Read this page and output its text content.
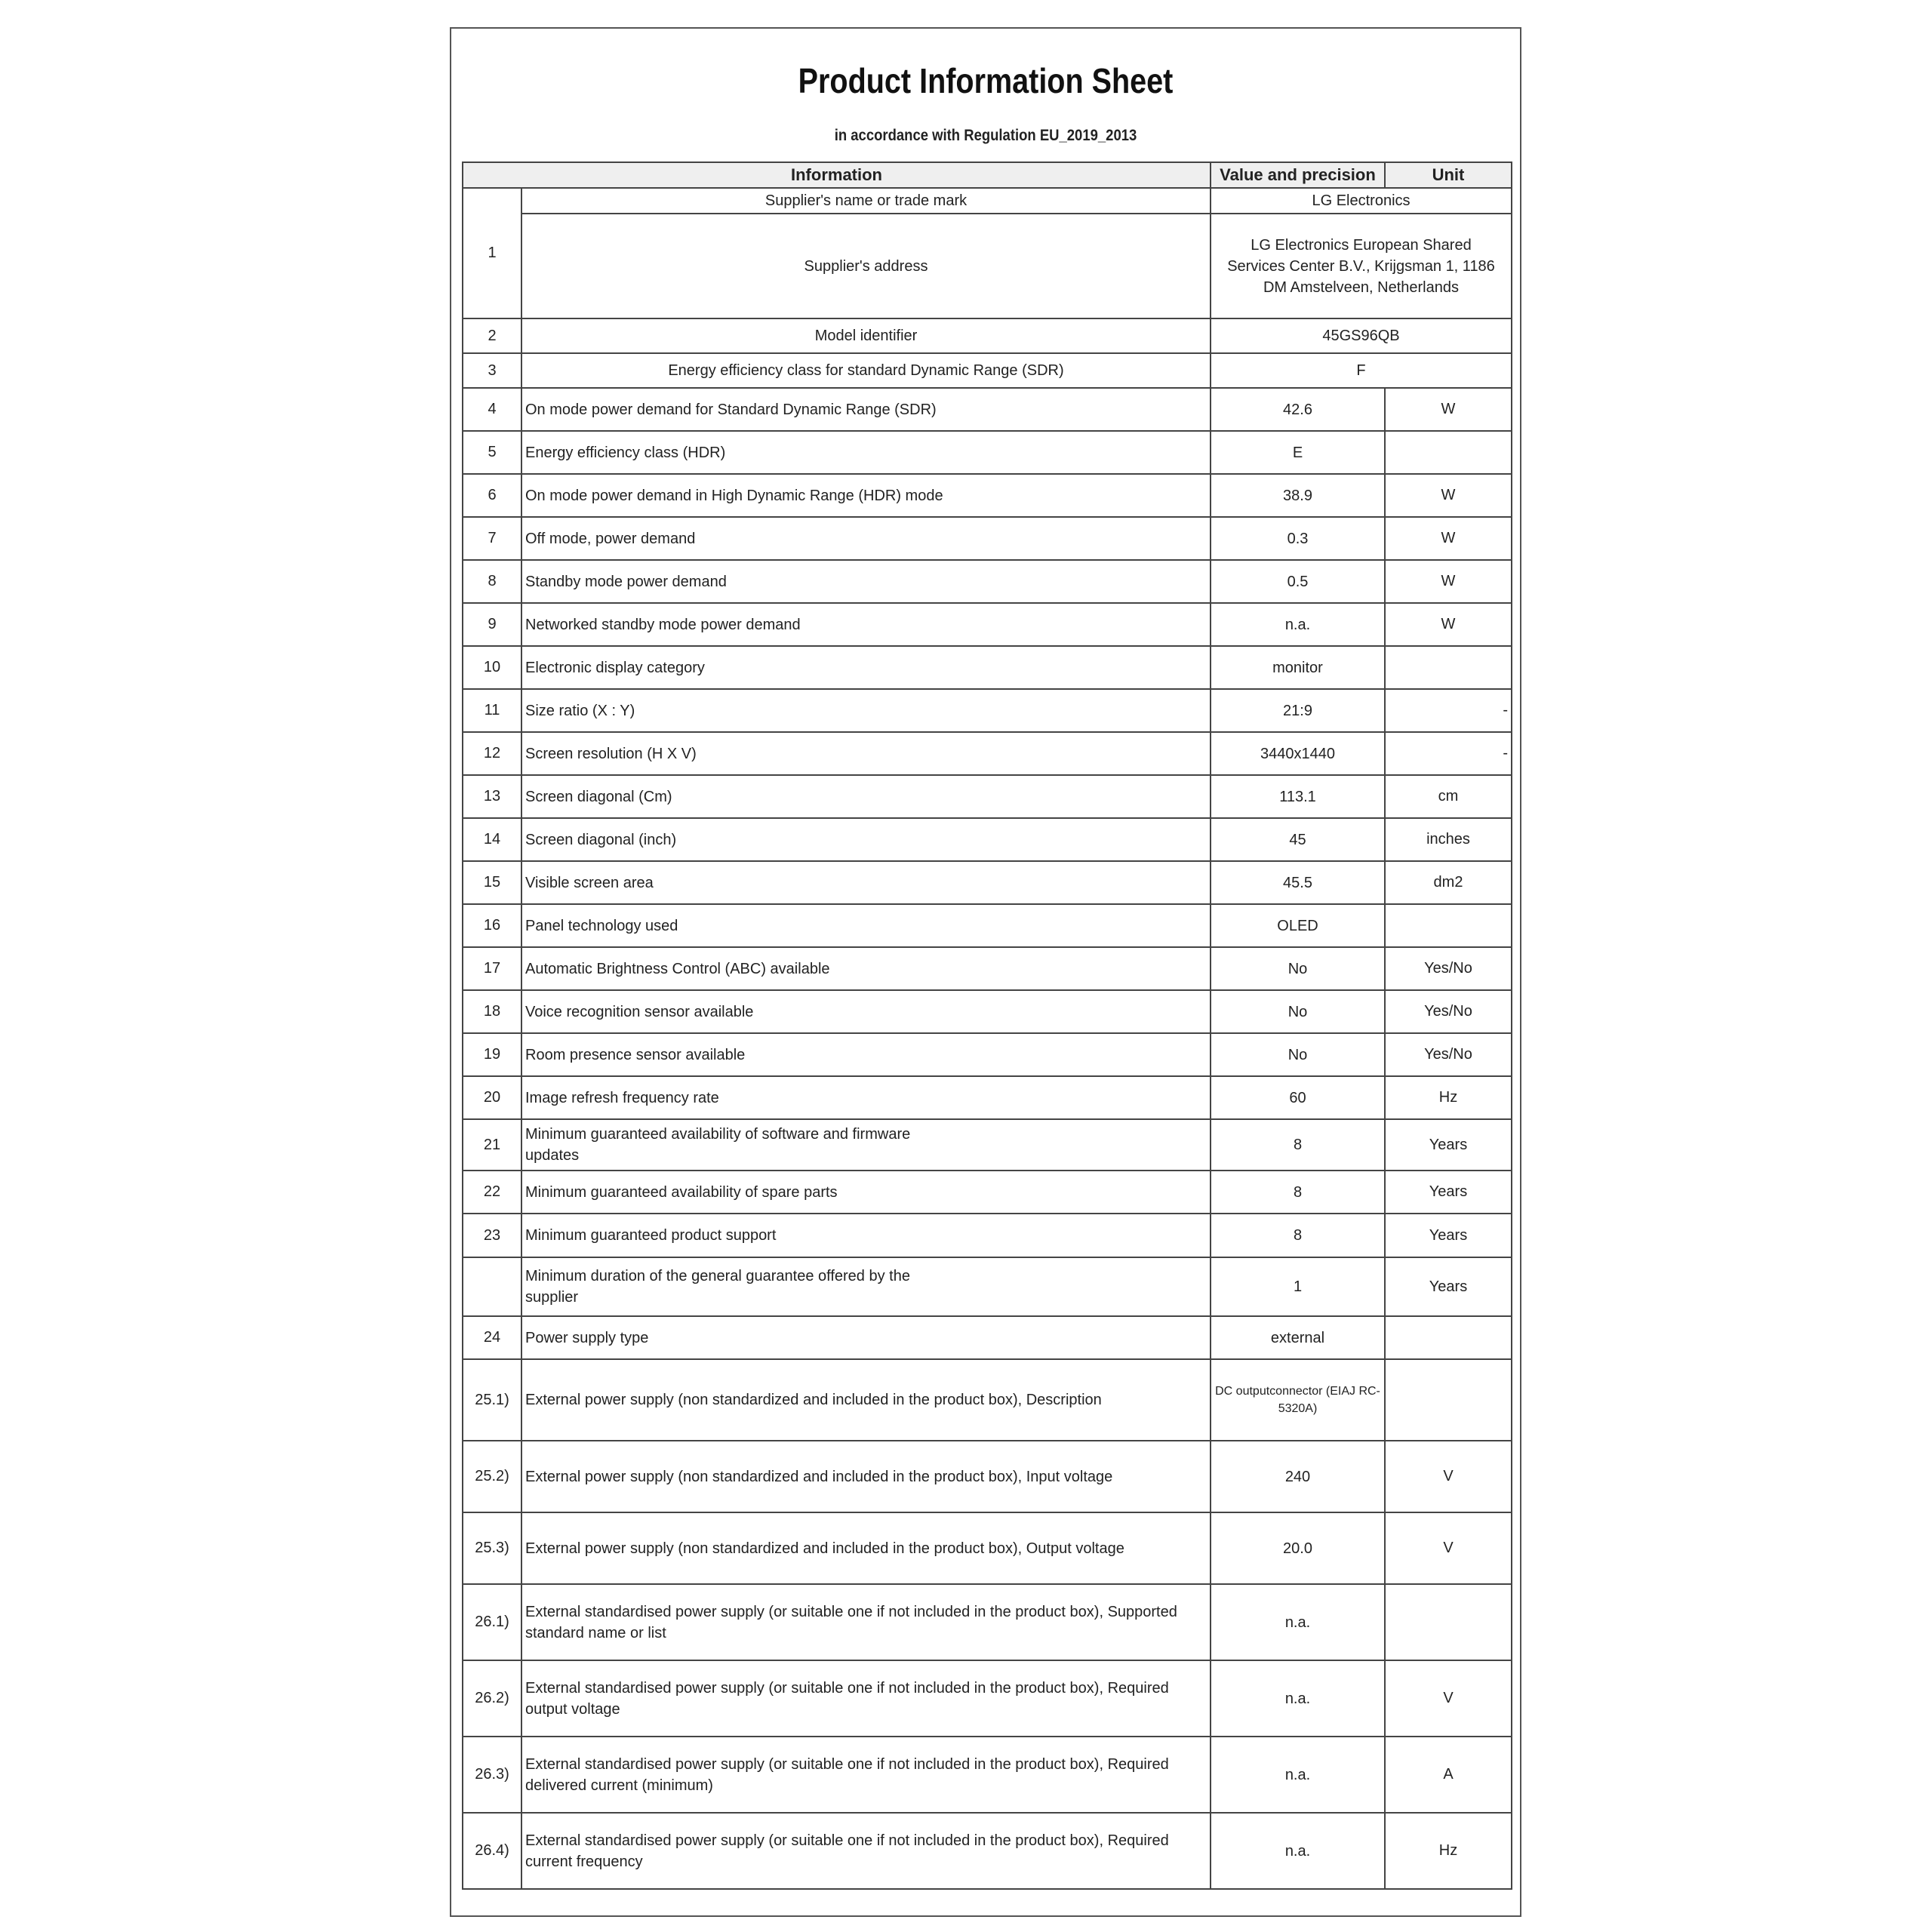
Product Information Sheet
in accordance with Regulation EU_2019_2013
Information		Value and precision	Unit
1	Supplier's name or trade mark	LG Electronics	
	Supplier's address	LG Electronics European Shared Services Center B.V., Krijgsman 1, 1186 DM Amstelveen, Netherlands	
2	Model identifier	45GS96QB	
3	Energy efficiency class for standard Dynamic Range (SDR)	F	
4	On mode power demand for Standard Dynamic Range (SDR)	42.6	W
5	Energy efficiency class (HDR)	E	
6	On mode power demand in High Dynamic Range (HDR) mode	38.9	W
7	Off mode, power demand	0.3	W
8	Standby mode power demand	0.5	W
9	Networked standby mode power demand	n.a.	W
10	Electronic display category	monitor	
11	Size ratio (X : Y)	21:9	-
12	Screen resolution (H X V)	3440x1440	-
13	Screen diagonal (Cm)	113.1	cm
14	Screen diagonal (inch)	45	inches
15	Visible screen area	45.5	dm2
16	Panel technology used	OLED	
17	Automatic Brightness Control (ABC) available	No	Yes/No
18	Voice recognition sensor available	No	Yes/No
19	Room presence sensor available	No	Yes/No
20	Image refresh frequency rate	60	Hz
21	Minimum guaranteed availability of software and firmware updates	8	Years
22	Minimum guaranteed availability of spare parts	8	Years
23	Minimum guaranteed product support	8	Years
	Minimum duration of the general guarantee offered by the supplier	1	Years
24	Power supply type	external	
25.1)	External power supply (non standardized and included in the product box), Description	DC outputconnector (EIAJ RC-5320A)	
25.2)	External power supply (non standardized and included in the product box), Input voltage	240	V
25.3)	External power supply (non standardized and included in the product box), Output voltage	20.0	V
26.1)	External standardised power supply (or suitable one if not included in the product box), Supported standard name or list	n.a.	
26.2)	External standardised power supply (or suitable one if not included in the product box), Required output voltage	n.a.	V
26.3)	External standardised power supply (or suitable one if not included in the product box), Required delivered current (minimum)	n.a.	A
26.4)	External standardised power supply (or suitable one if not included in the product box), Required current frequency	n.a.	Hz
